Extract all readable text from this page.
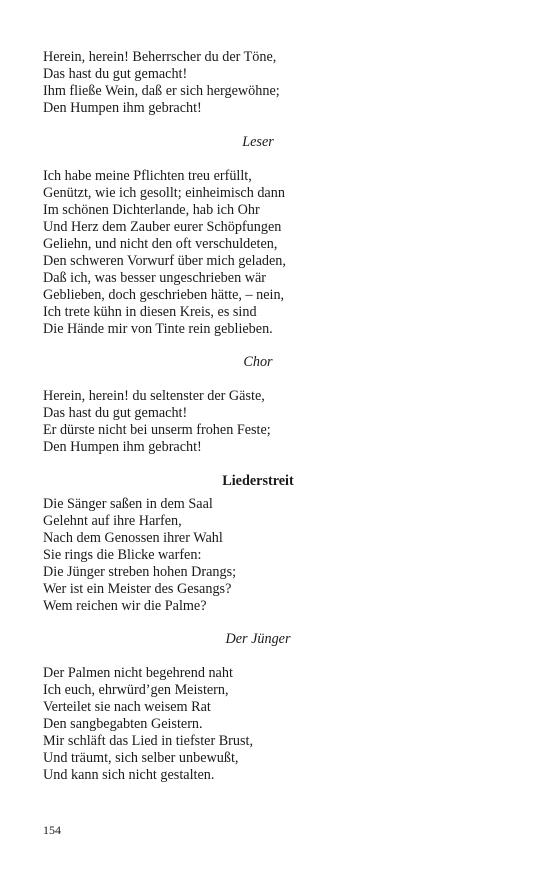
Herein, herein! Beherrscher du der Töne,
Das hast du gut gemacht!
Ihm fließe Wein, daß er sich hergewöhne;
Den Humpen ihm gebracht!
Leser
Ich habe meine Pflichten treu erfüllt,
Genützt, wie ich gesollt; einheimisch dann
Im schönen Dichterlande, hab ich Ohr
Und Herz dem Zauber eurer Schöpfungen
Geliehn, und nicht den oft verschuldeten,
Den schweren Vorwurf über mich geladen,
Daß ich, was besser ungeschrieben wär
Geblieben, doch geschrieben hätte, – nein,
Ich trete kühn in diesen Kreis, es sind
Die Hände mir von Tinte rein geblieben.
Chor
Herein, herein! du seltenster der Gäste,
Das hast du gut gemacht!
Er dürste nicht bei unserm frohen Feste;
Den Humpen ihm gebracht!
Liederstreit
Die Sänger saßen in dem Saal
Gelehnt auf ihre Harfen,
Nach dem Genossen ihrer Wahl
Sie rings die Blicke warfen:
Die Jünger streben hohen Drangs;
Wer ist ein Meister des Gesangs?
Wem reichen wir die Palme?
Der Jünger
Der Palmen nicht begehrend naht
Ich euch, ehrwürd’gen Meistern,
Verteilet sie nach weisem Rat
Den sangbegabten Geistern.
Mir schläft das Lied in tiefster Brust,
Und träumt, sich selber unbewußt,
Und kann sich nicht gestalten.
154
